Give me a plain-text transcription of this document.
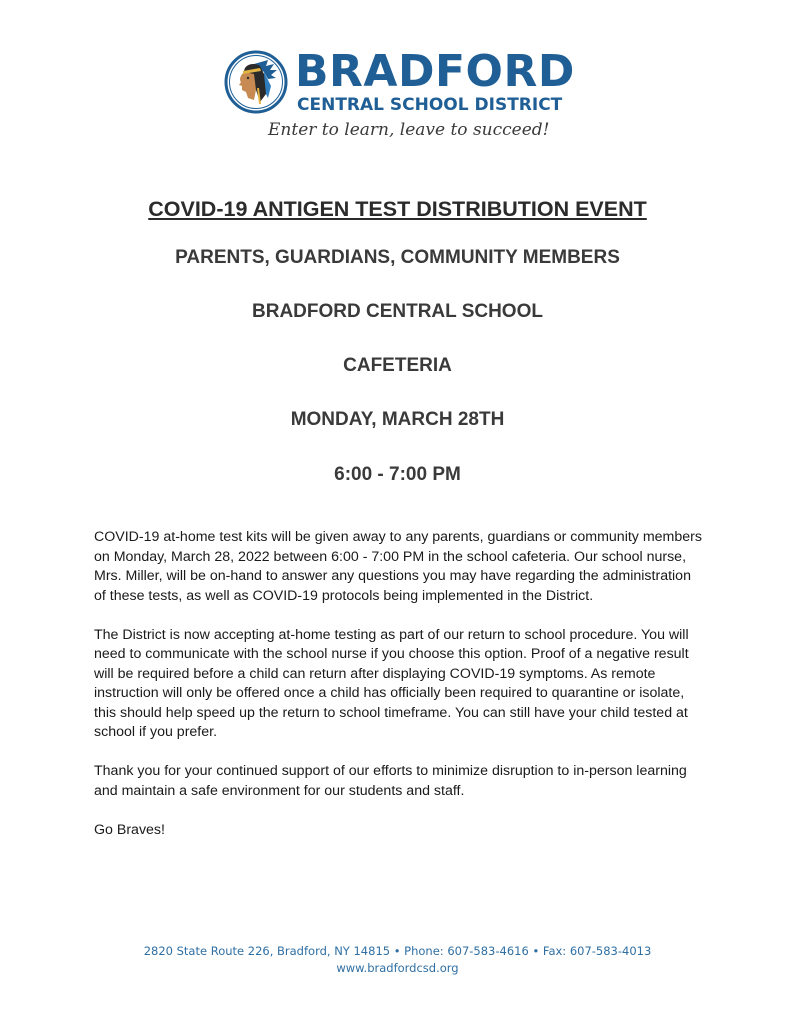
BRADFORD
CENTRAL SCHOOL DISTRICT
Enter to learn, leave to succeed!
COVID-19 ANTIGEN TEST DISTRIBUTION EVENT
PARENTS, GUARDIANS, COMMUNITY MEMBERS
BRADFORD CENTRAL SCHOOL
CAFETERIA
MONDAY, MARCH 28TH
6:00 - 7:00 PM

COVID-19 at-home test kits will be given away to any parents, guardians or community members on Monday, March 28, 2022 between 6:00 - 7:00 PM in the school cafeteria. Our school nurse, Mrs. Miller, will be on-hand to answer any questions you may have regarding the administration of these tests, as well as COVID-19 protocols being implemented in the District.

The District is now accepting at-home testing as part of our return to school procedure. You will need to communicate with the school nurse if you choose this option. Proof of a negative result will be required before a child can return after displaying COVID-19 symptoms. As remote instruction will only be offered once a child has officially been required to quarantine or isolate, this should help speed up the return to school timeframe. You can still have your child tested at school if you prefer.

Thank you for your continued support of our efforts to minimize disruption to in-person learning and maintain a safe environment for our students and staff.

Go Braves!

2820 State Route 226, Bradford, NY 14815 • Phone: 607-583-4616 • Fax: 607-583-4013
www.bradfordcsd.org
